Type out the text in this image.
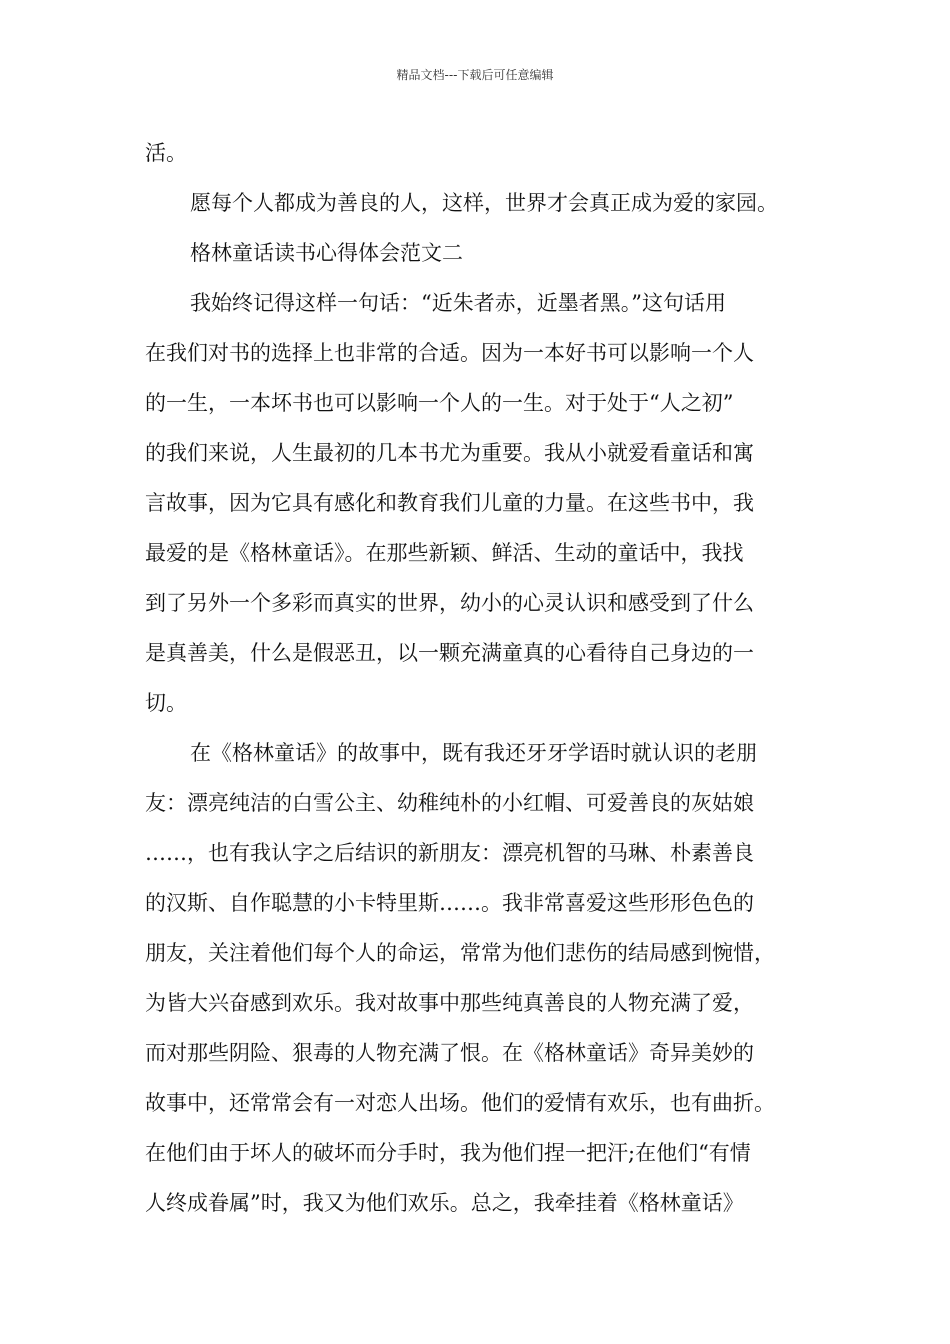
精品文档---下载后可任意编辑
活。
愿每个人都成为善良的人，这样，世界才会真正成为爱的家园。
格林童话读书心得体会范文二
我始终记得这样一句话：“近朱者赤，近墨者黑。”这句话用
在我们对书的选择上也非常的合适。因为一本好书可以影响一个人
的一生，一本坏书也可以影响一个人的一生。对于处于“人之初”
的我们来说，人生最初的几本书尤为重要。我从小就爱看童话和寓
言故事，因为它具有感化和教育我们儿童的力量。在这些书中，我
最爱的是《格林童话》。在那些新颖、鲜活、生动的童话中，我找
到了另外一个多彩而真实的世界，幼小的心灵认识和感受到了什么
是真善美，什么是假恶丑，以一颗充满童真的心看待自己身边的一
切。
在《格林童话》的故事中，既有我还牙牙学语时就认识的老朋
友：漂亮纯洁的白雪公主、幼稚纯朴的小红帽、可爱善良的灰姑娘
……，也有我认字之后结识的新朋友：漂亮机智的马琳、朴素善良
的汉斯、自作聪慧的小卡特里斯……。我非常喜爱这些形形色色的
朋友，关注着他们每个人的命运，常常为他们悲伤的结局感到惋惜，
为皆大兴奋感到欢乐。我对故事中那些纯真善良的人物充满了爱，
而对那些阴险、狠毒的人物充满了恨。在《格林童话》奇异美妙的
故事中，还常常会有一对恋人出场。他们的爱情有欢乐，也有曲折。
在他们由于坏人的破坏而分手时，我为他们捏一把汗;在他们“有情
人终成眷属”时，我又为他们欢乐。总之，我牵挂着《格林童话》
